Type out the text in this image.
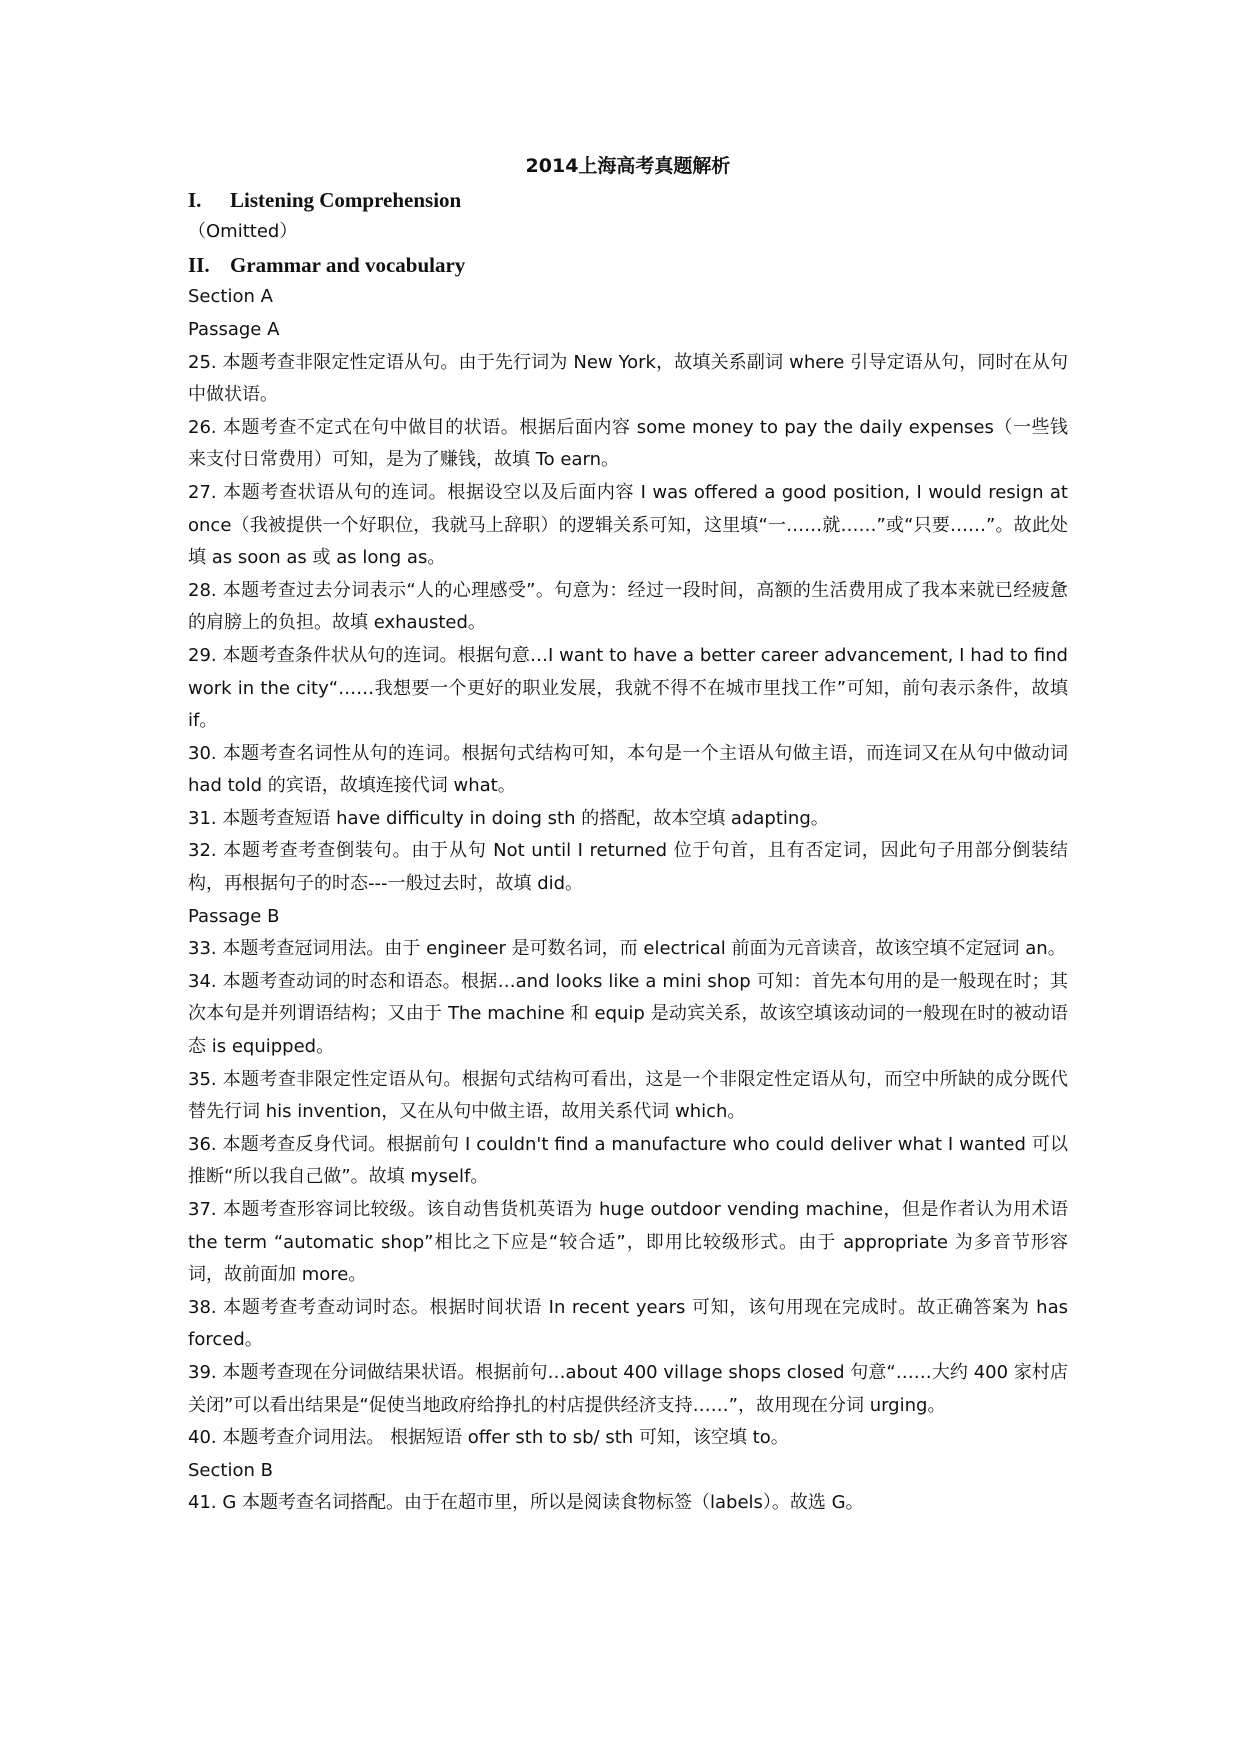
2014上海高考真题解析

I. Listening Comprehension

（Omitted）

II. Grammar and vocabulary

Section A

Passage A

25. 本题考查非限定性定语从句。由于先行词为 New York，故填关系副词 where 引导定语从句，同时在从句中做状语。

26. 本题考查不定式在句中做目的状语。根据后面内容 some money to pay the daily expenses（一些钱来支付日常费用）可知，是为了赚钱，故填 To earn。

27. 本题考查状语从句的连词。根据设空以及后面内容 I was offered a good position, I would resign at once（我被提供一个好职位，我就马上辞职）的逻辑关系可知，这里填“一……就……”或“只要……”。故此处填 as soon as 或 as long as。

28. 本题考查过去分词表示“人的心理感受”。句意为：经过一段时间，高额的生活费用成了我本来就已经疲惫的肩膀上的负担。故填 exhausted。

29. 本题考查条件状从句的连词。根据句意…I want to have a better career advancement, I had to find work in the city“……我想要一个更好的职业发展，我就不得不在城市里找工作”可知，前句表示条件，故填 if。

30. 本题考查名词性从句的连词。根据句式结构可知，本句是一个主语从句做主语，而连词又在从句中做动词 had told 的宾语，故填连接代词 what。

31. 本题考查短语 have difficulty in doing sth 的搭配，故本空填 adapting。

32. 本题考查考查倒装句。由于从句 Not until I returned 位于句首，且有否定词，因此句子用部分倒装结构，再根据句子的时态---一般过去时，故填 did。

Passage B

33. 本题考查冠词用法。由于 engineer 是可数名词，而 electrical 前面为元音读音，故该空填不定冠词 an。

34. 本题考查动词的时态和语态。根据…and looks like a mini shop 可知：首先本句用的是一般现在时；其次本句是并列谓语结构；又由于 The machine 和 equip 是动宾关系，故该空填该动词的一般现在时的被动语态 is equipped。

35. 本题考查非限定性定语从句。根据句式结构可看出，这是一个非限定性定语从句，而空中所缺的成分既代替先行词 his invention，又在从句中做主语，故用关系代词 which。

36. 本题考查反身代词。根据前句 I couldn't find a manufacture who could deliver what I wanted 可以推断“所以我自己做”。故填 myself。

37. 本题考查形容词比较级。该自动售货机英语为 huge outdoor vending machine，但是作者认为用术语 the term “automatic shop”相比之下应是“较合适”，即用比较级形式。由于 appropriate 为多音节形容词，故前面加 more。

38. 本题考查考查动词时态。根据时间状语 In recent years 可知，该句用现在完成时。故正确答案为 has forced。

39. 本题考查现在分词做结果状语。根据前句…about 400 village shops closed 句意“……大约 400 家村店关闭”可以看出结果是“促使当地政府给挣扎的村店提供经济支持……”，故用现在分词 urging。

40. 本题考查介词用法。 根据短语 offer sth to sb/ sth 可知，该空填 to。

Section B

41. G 本题考查名词搭配。由于在超市里，所以是阅读食物标签（labels）。故选 G。
